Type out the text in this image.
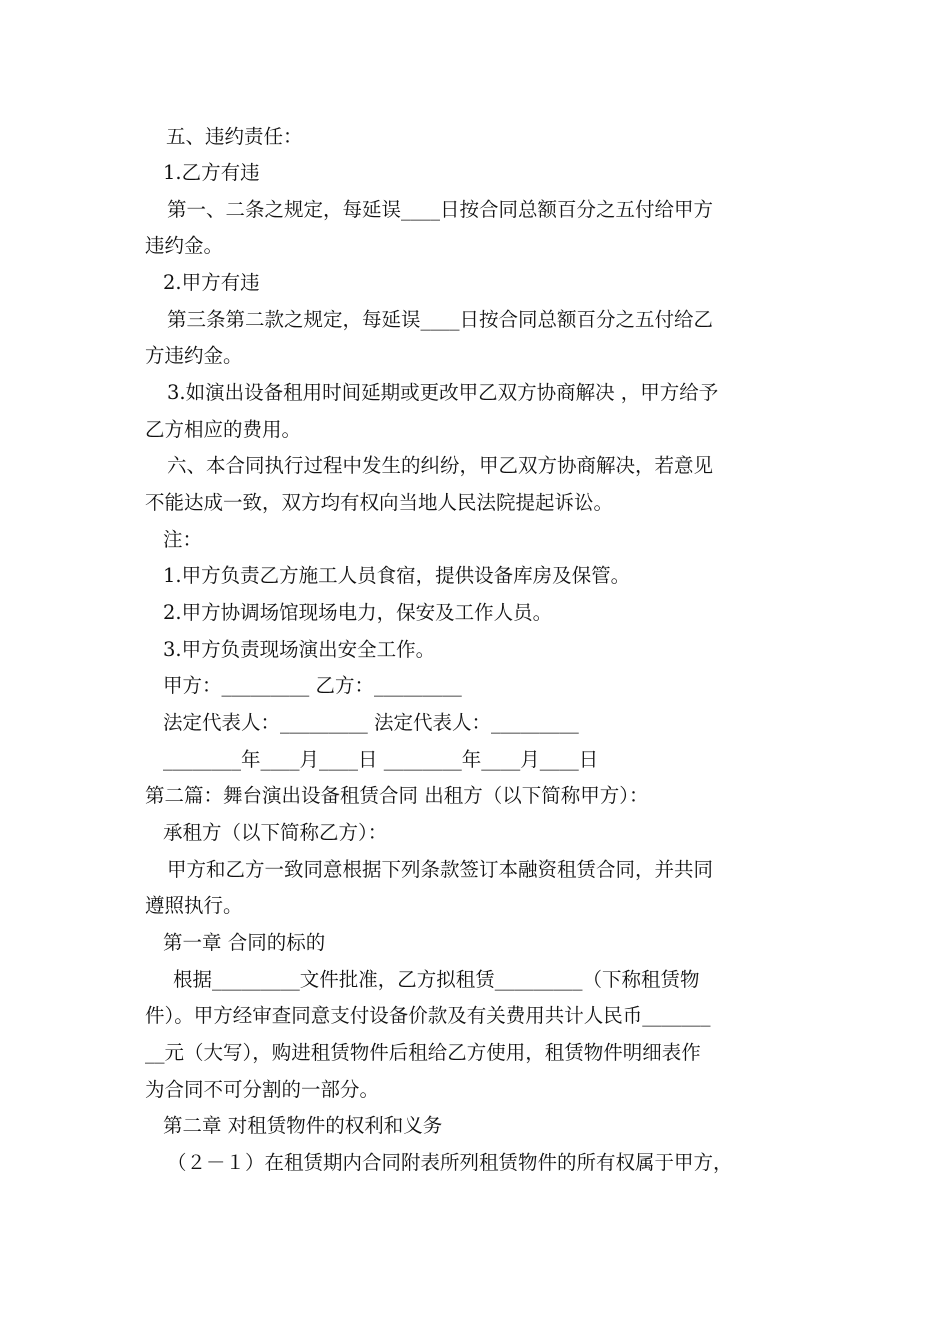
五、违约责任：
1.乙方有违
第一、二条之规定，每延误____日按合同总额百分之五付给甲方
违约金。
2.甲方有违
第三条第二款之规定，每延误____日按合同总额百分之五付给乙
方违约金。
3.如演出设备租用时间延期或更改甲乙双方协商解决 ，甲方给予
乙方相应的费用。
六、本合同执行过程中发生的纠纷，甲乙双方协商解决，若意见
不能达成一致，双方均有权向当地人民法院提起诉讼。
注：
1.甲方负责乙方施工人员食宿，提供设备库房及保管。
2.甲方协调场馆现场电力，保安及工作人员。
3.甲方负责现场演出安全工作。
甲方：_________ 乙方：_________
法定代表人：_________ 法定代表人：_________
________年____月____日 ________年____月____日
第二篇：舞台演出设备租赁合同 出租方（以下简称甲方）：
承租方（以下简称乙方）：
甲方和乙方一致同意根据下列条款签订本融资租赁合同，并共同
遵照执行。
第一章 合同的标的
根据_________文件批准，乙方拟租赁_________（下称租赁物
件）。甲方经审查同意支付设备价款及有关费用共计人民币_______
__元（大写），购进租赁物件后租给乙方使用，租赁物件明细表作
为合同不可分割的一部分。
第二章 对租赁物件的权利和义务
（２－１）在租赁期内合同附表所列租赁物件的所有权属于甲方，
